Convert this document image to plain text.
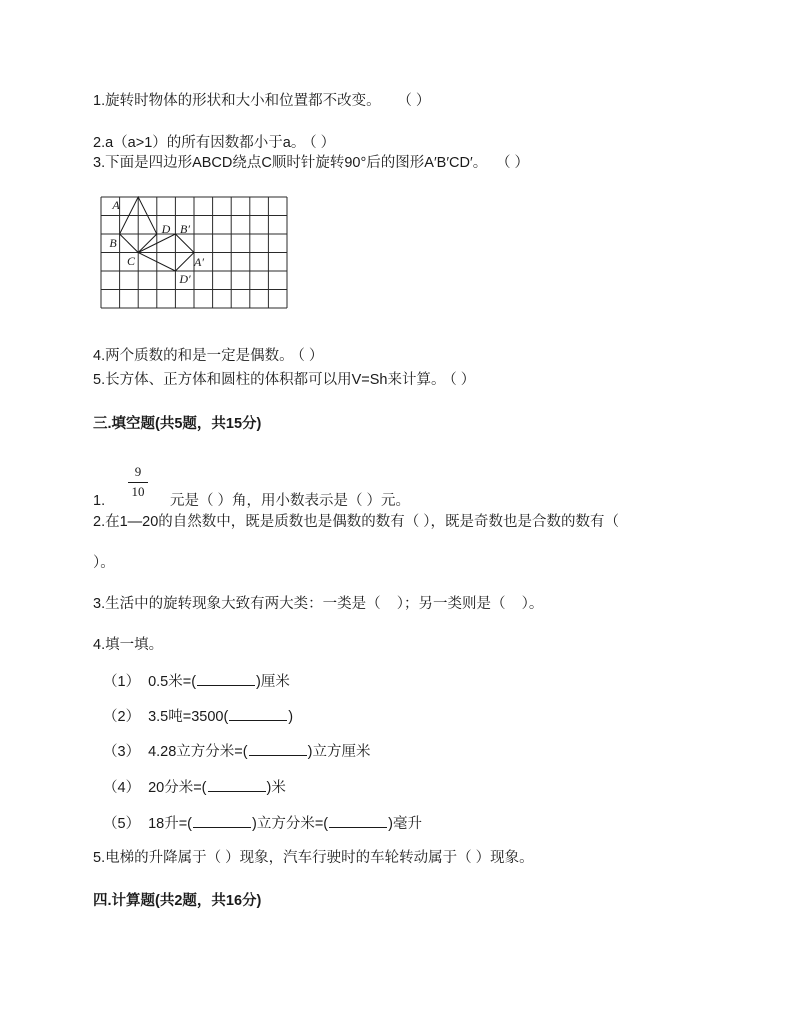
1.旋转时物体的形状和大小和位置都不改变。 （ ）
2.a（a>1）的所有因数都小于a。 （ ）
3.下面是四边形ABCD绕点C顺时针旋转90°后的图形A′B′CD′。 （ ）
A
B
C
D B′
A′
D′
4.两个质数的和是一定是偶数。 （ ）
5.长方体、正方体和圆柱的体积都可以用V=Sh来计算。 （ ）
三.填空题(共5题，共15分)
9
10
1.	元是（ ）角，用小数表示是（ ）元。
2.在1—20的自然数中，既是质数也是偶数的数有（ ），既是奇数也是合数的数有（
）。
3.生活中的旋转现象大致有两大类：一类是（    ）；另一类则是（    ）。
4.填一填。
（1） 0.5米=(	)厘米
（2） 3.5吨=3500(	)
（3） 4.28立方分米=(	)立方厘米
（4） 20分米=(	)米
（5） 18升=(	)立方分米=(	)毫升
5.电梯的升降属于（ ）现象，汽车行驶时的车轮转动属于（ ）现象。
四.计算题(共2题，共16分)
